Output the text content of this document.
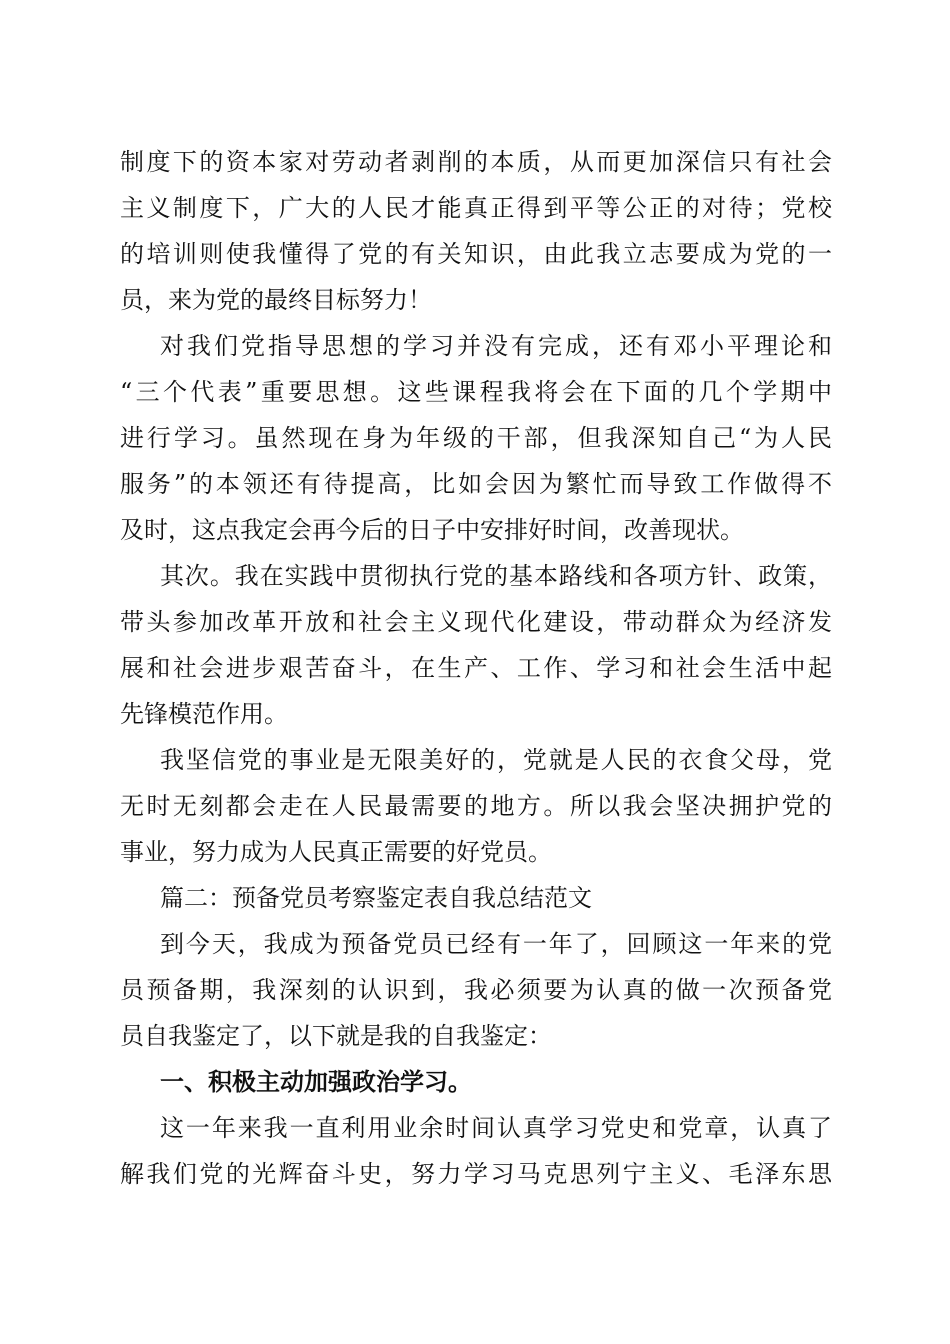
制度下的资本家对劳动者剥削的本质，从而更加深信只有社会
主义制度下，广大的人民才能真正得到平等公正的对待；党校
的培训则使我懂得了党的有关知识，由此我立志要成为党的一
员，来为党的最终目标努力！
对我们党指导思想的学习并没有完成，还有邓小平理论和
“三个代表”重要思想。这些课程我将会在下面的几个学期中
进行学习。虽然现在身为年级的干部，但我深知自己“为人民
服务”的本领还有待提高，比如会因为繁忙而导致工作做得不
及时，这点我定会再今后的日子中安排好时间，改善现状。
其次。我在实践中贯彻执行党的基本路线和各项方针、政策，
带头参加改革开放和社会主义现代化建设，带动群众为经济发
展和社会进步艰苦奋斗，在生产、工作、学习和社会生活中起
先锋模范作用。
我坚信党的事业是无限美好的，党就是人民的衣食父母，党
无时无刻都会走在人民最需要的地方。所以我会坚决拥护党的
事业，努力成为人民真正需要的好党员。
篇二：预备党员考察鉴定表自我总结范文
到今天，我成为预备党员已经有一年了，回顾这一年来的党
员预备期，我深刻的认识到，我必须要为认真的做一次预备党
员自我鉴定了，以下就是我的自我鉴定：
一、积极主动加强政治学习。
这一年来我一直利用业余时间认真学习党史和党章，认真了
解我们党的光辉奋斗史，努力学习马克思列宁主义、毛泽东思
